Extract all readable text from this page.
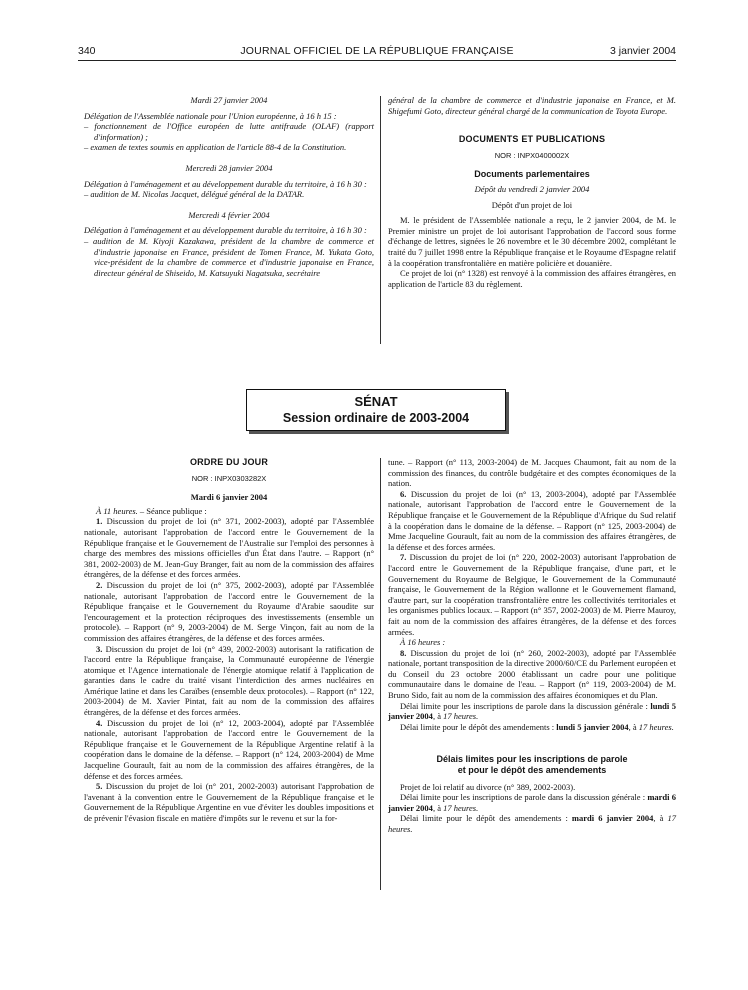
340	JOURNAL OFFICIEL DE LA RÉPUBLIQUE FRANÇAISE	3 janvier 2004

Mardi 27 janvier 2004

Délégation de l'Assemblée nationale pour l'Union européenne, à 16 h 15 :

– fonctionnement de l'Office européen de lutte antifraude (OLAF) (rapport d'information) ;

– examen de textes soumis en application de l'article 88-4 de la Constitution.

Mercredi 28 janvier 2004

Délégation à l'aménagement et au développement durable du territoire, à 16 h 30 :

– audition de M. Nicolas Jacquet, délégué général de la DATAR.

Mercredi 4 février 2004

Délégation à l'aménagement et au développement durable du territoire, à 16 h 30 :

– audition de M. Kiyoji Kazakawa, président de la chambre de commerce et d'industrie japonaise en France, président de Tomen France, M. Yukata Goto, vice-président de la chambre de commerce et d'industrie japonaise en France, directeur général de Shiseido, M. Katsuyuki Nagatsuka, secrétaire

général de la chambre de commerce et d'industrie japonaise en France, et M. Shigefumi Goto, directeur général chargé de la communication de Toyota Europe.

DOCUMENTS ET PUBLICATIONS

NOR : INPX0400002X

Documents parlementaires

Dépôt du vendredi 2 janvier 2004

Dépôt d'un projet de loi

M. le président de l'Assemblée nationale a reçu, le 2 janvier 2004, de M. le Premier ministre un projet de loi autorisant l'approbation de l'accord sous forme d'échange de lettres, signées le 26 novembre et le 30 décembre 2002, complétant le traité du 7 juillet 1998 entre la République française et le Royaume d'Espagne relatif à la coopération transfrontalière en matière policière et douanière.

Ce projet de loi (n° 1328) est renvoyé à la commission des affaires étrangères, en application de l'article 83 du règlement.

SÉNAT
Session ordinaire de 2003-2004

ORDRE DU JOUR

NOR : INPX0303282X

Mardi 6 janvier 2004

À 11 heures. – Séance publique :

1. Discussion du projet de loi (n° 371, 2002-2003), adopté par l'Assemblée nationale, autorisant l'approbation de l'accord entre le Gouvernement de la République française et le Gouvernement de l'Australie sur l'emploi des personnes à charge des membres des missions officielles d'un État dans l'autre. – Rapport (n° 381, 2002-2003) de M. Jean-Guy Branger, fait au nom de la commission des affaires étrangères, de la défense et des forces armées.

2. Discussion du projet de loi (n° 375, 2002-2003), adopté par l'Assemblée nationale, autorisant l'approbation de l'accord entre le Gouvernement de la République française et le Gouvernement du Royaume d'Arabie saoudite sur l'encouragement et la protection réciproques des investissements (ensemble un protocole). – Rapport (n° 9, 2003-2004) de M. Serge Vinçon, fait au nom de la commission des affaires étrangères, de la défense et des forces armées.

3. Discussion du projet de loi (n° 439, 2002-2003) autorisant la ratification de l'accord entre la République française, la Communauté européenne de l'énergie atomique et l'Agence internationale de l'énergie atomique relatif à l'application de garanties dans le cadre du traité visant l'interdiction des armes nucléaires en Amérique latine et dans les Caraïbes (ensemble deux protocoles). – Rapport (n° 122, 2003-2004) de M. Xavier Pintat, fait au nom de la commission des affaires étrangères, de la défense et des forces armées.

4. Discussion du projet de loi (n° 12, 2003-2004), adopté par l'Assemblée nationale, autorisant l'approbation de l'accord entre le Gouvernement de la République française et le Gouvernement de la République Argentine relatif à la coopération dans le domaine de la défense. – Rapport (n° 124, 2003-2004) de Mme Jacqueline Gourault, fait au nom de la commission des affaires étrangères, de la défense et des forces armées.

5. Discussion du projet de loi (n° 201, 2002-2003) autorisant l'approbation de l'avenant à la convention entre le Gouvernement de la République française et le Gouvernement de la République Argentine en vue d'éviter les doubles impositions et de prévenir l'évasion fiscale en matière d'impôts sur le revenu et sur la for-

tune. – Rapport (n° 113, 2003-2004) de M. Jacques Chaumont, fait au nom de la commission des finances, du contrôle budgétaire et des comptes économiques de la nation.

6. Discussion du projet de loi (n° 13, 2003-2004), adopté par l'Assemblée nationale, autorisant l'approbation de l'accord entre le Gouvernement de la République française et le Gouvernement de la République d'Afrique du Sud relatif à la coopération dans le domaine de la défense. – Rapport (n° 125, 2003-2004) de Mme Jacqueline Gourault, fait au nom de la commission des affaires étrangères, de la défense et des forces armées.

7. Discussion du projet de loi (n° 220, 2002-2003) autorisant l'approbation de l'accord entre le Gouvernement de la République française, d'une part, et le Gouvernement du Royaume de Belgique, le Gouvernement de la Communauté française, le Gouvernement de la Région wallonne et le Gouvernement flamand, d'autre part, sur la coopération transfrontalière entre les collectivités territoriales et les organismes publics locaux. – Rapport (n° 357, 2002-2003) de M. Pierre Mauroy, fait au nom de la commission des affaires étrangères, de la défense et des forces armées.

À 16 heures :

8. Discussion du projet de loi (n° 260, 2002-2003), adopté par l'Assemblée nationale, portant transposition de la directive 2000/60/CE du Parlement européen et du Conseil du 23 octobre 2000 établissant un cadre pour une politique communautaire dans le domaine de l'eau. – Rapport (n° 119, 2003-2004) de M. Bruno Sido, fait au nom de la commission des affaires économiques et du Plan.

Délai limite pour les inscriptions de parole dans la discussion générale : lundi 5 janvier 2004, à 17 heures.

Délai limite pour le dépôt des amendements : lundi 5 janvier 2004, à 17 heures.

Délais limites pour les inscriptions de parole

et pour le dépôt des amendements

Projet de loi relatif au divorce (n° 389, 2002-2003).

Délai limite pour les inscriptions de parole dans la discussion générale : mardi 6 janvier 2004, à 17 heures.

Délai limite pour le dépôt des amendements : mardi 6 janvier 2004, à 17 heures.
